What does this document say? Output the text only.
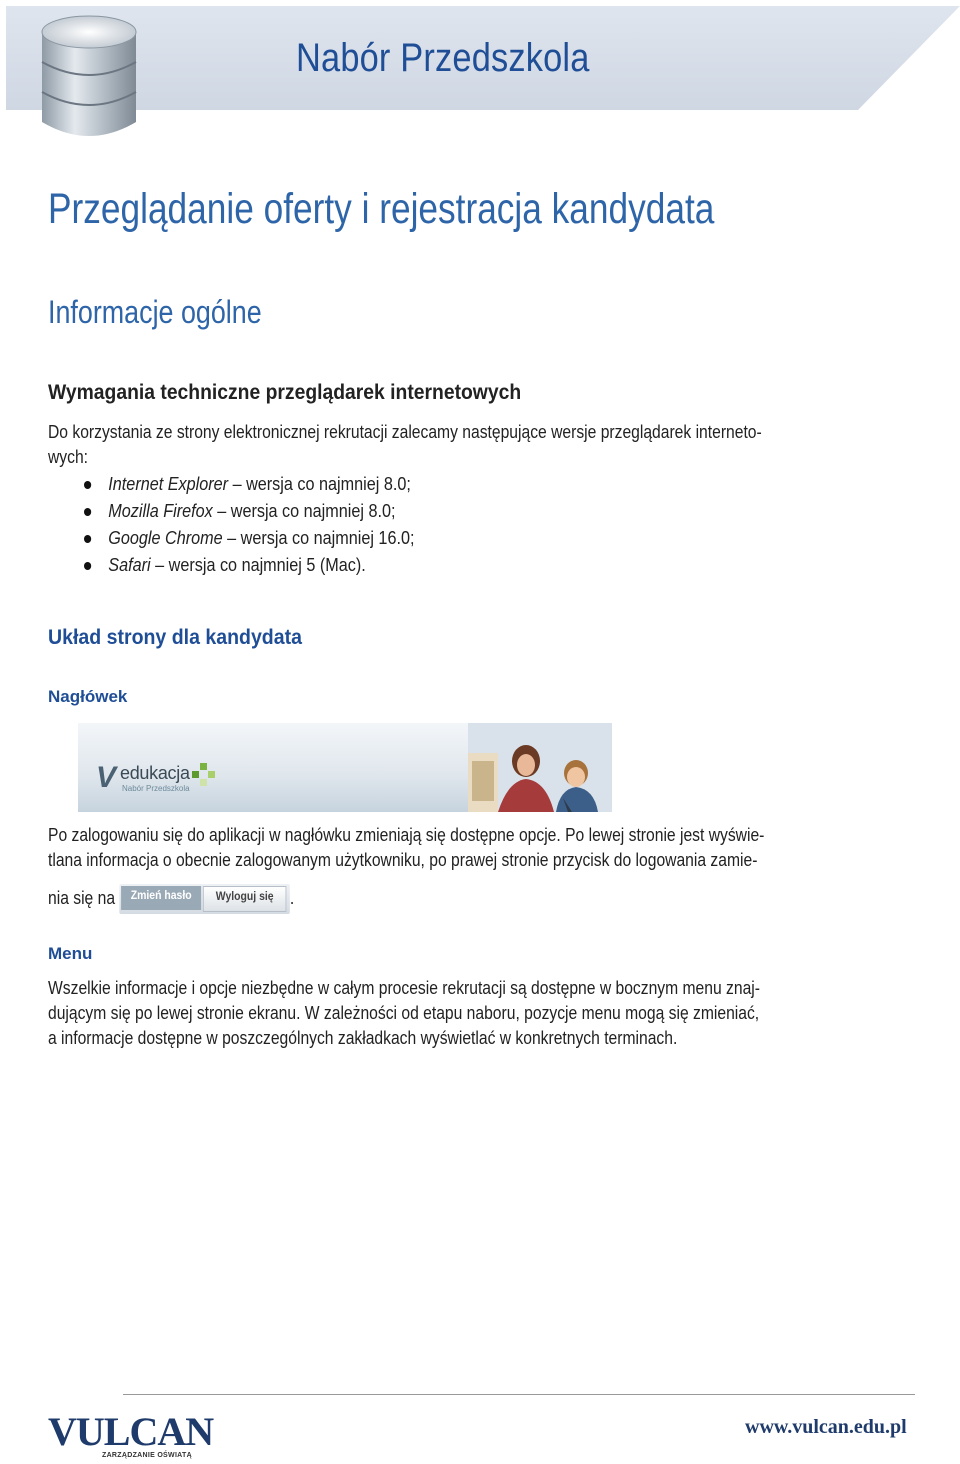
Nabór Przedszkola
Przeglądanie oferty i rejestracja kandydata
Informacje ogólne
Wymagania techniczne przeglądarek internetowych
Do korzystania ze strony elektronicznej rekrutacji zalecamy następujące wersje przeglądarek interneto-
wych:
Internet Explorer – wersja co najmniej 8.0;
Mozilla Firefox – wersja co najmniej 8.0;
Google Chrome – wersja co najmniej 16.0;
Safari – wersja co najmniej 5 (Mac).
Układ strony dla kandydata
Nagłówek
V edukacja
Nabór Przedszkola
Po zalogowaniu się do aplikacji w nagłówku zmieniają się dostępne opcje. Po lewej stronie jest wyświe-
tlana informacja o obecnie zalogowanym użytkowniku, po prawej stronie przycisk do logowania zamie-
nia się na	Zmień hasło	Wyloguj się .
Menu
Wszelkie informacje i opcje niezbędne w całym procesie rekrutacji są dostępne w bocznym menu znaj-
dującym się po lewej stronie ekranu. W zależności od etapu naboru, pozycje menu mogą się zmieniać,
a informacje dostępne w poszczególnych zakładkach wyświetlać w konkretnych terminach.
VULCAN
ZARZĄDZANIE OŚWIATĄ
www.vulcan.edu.pl
